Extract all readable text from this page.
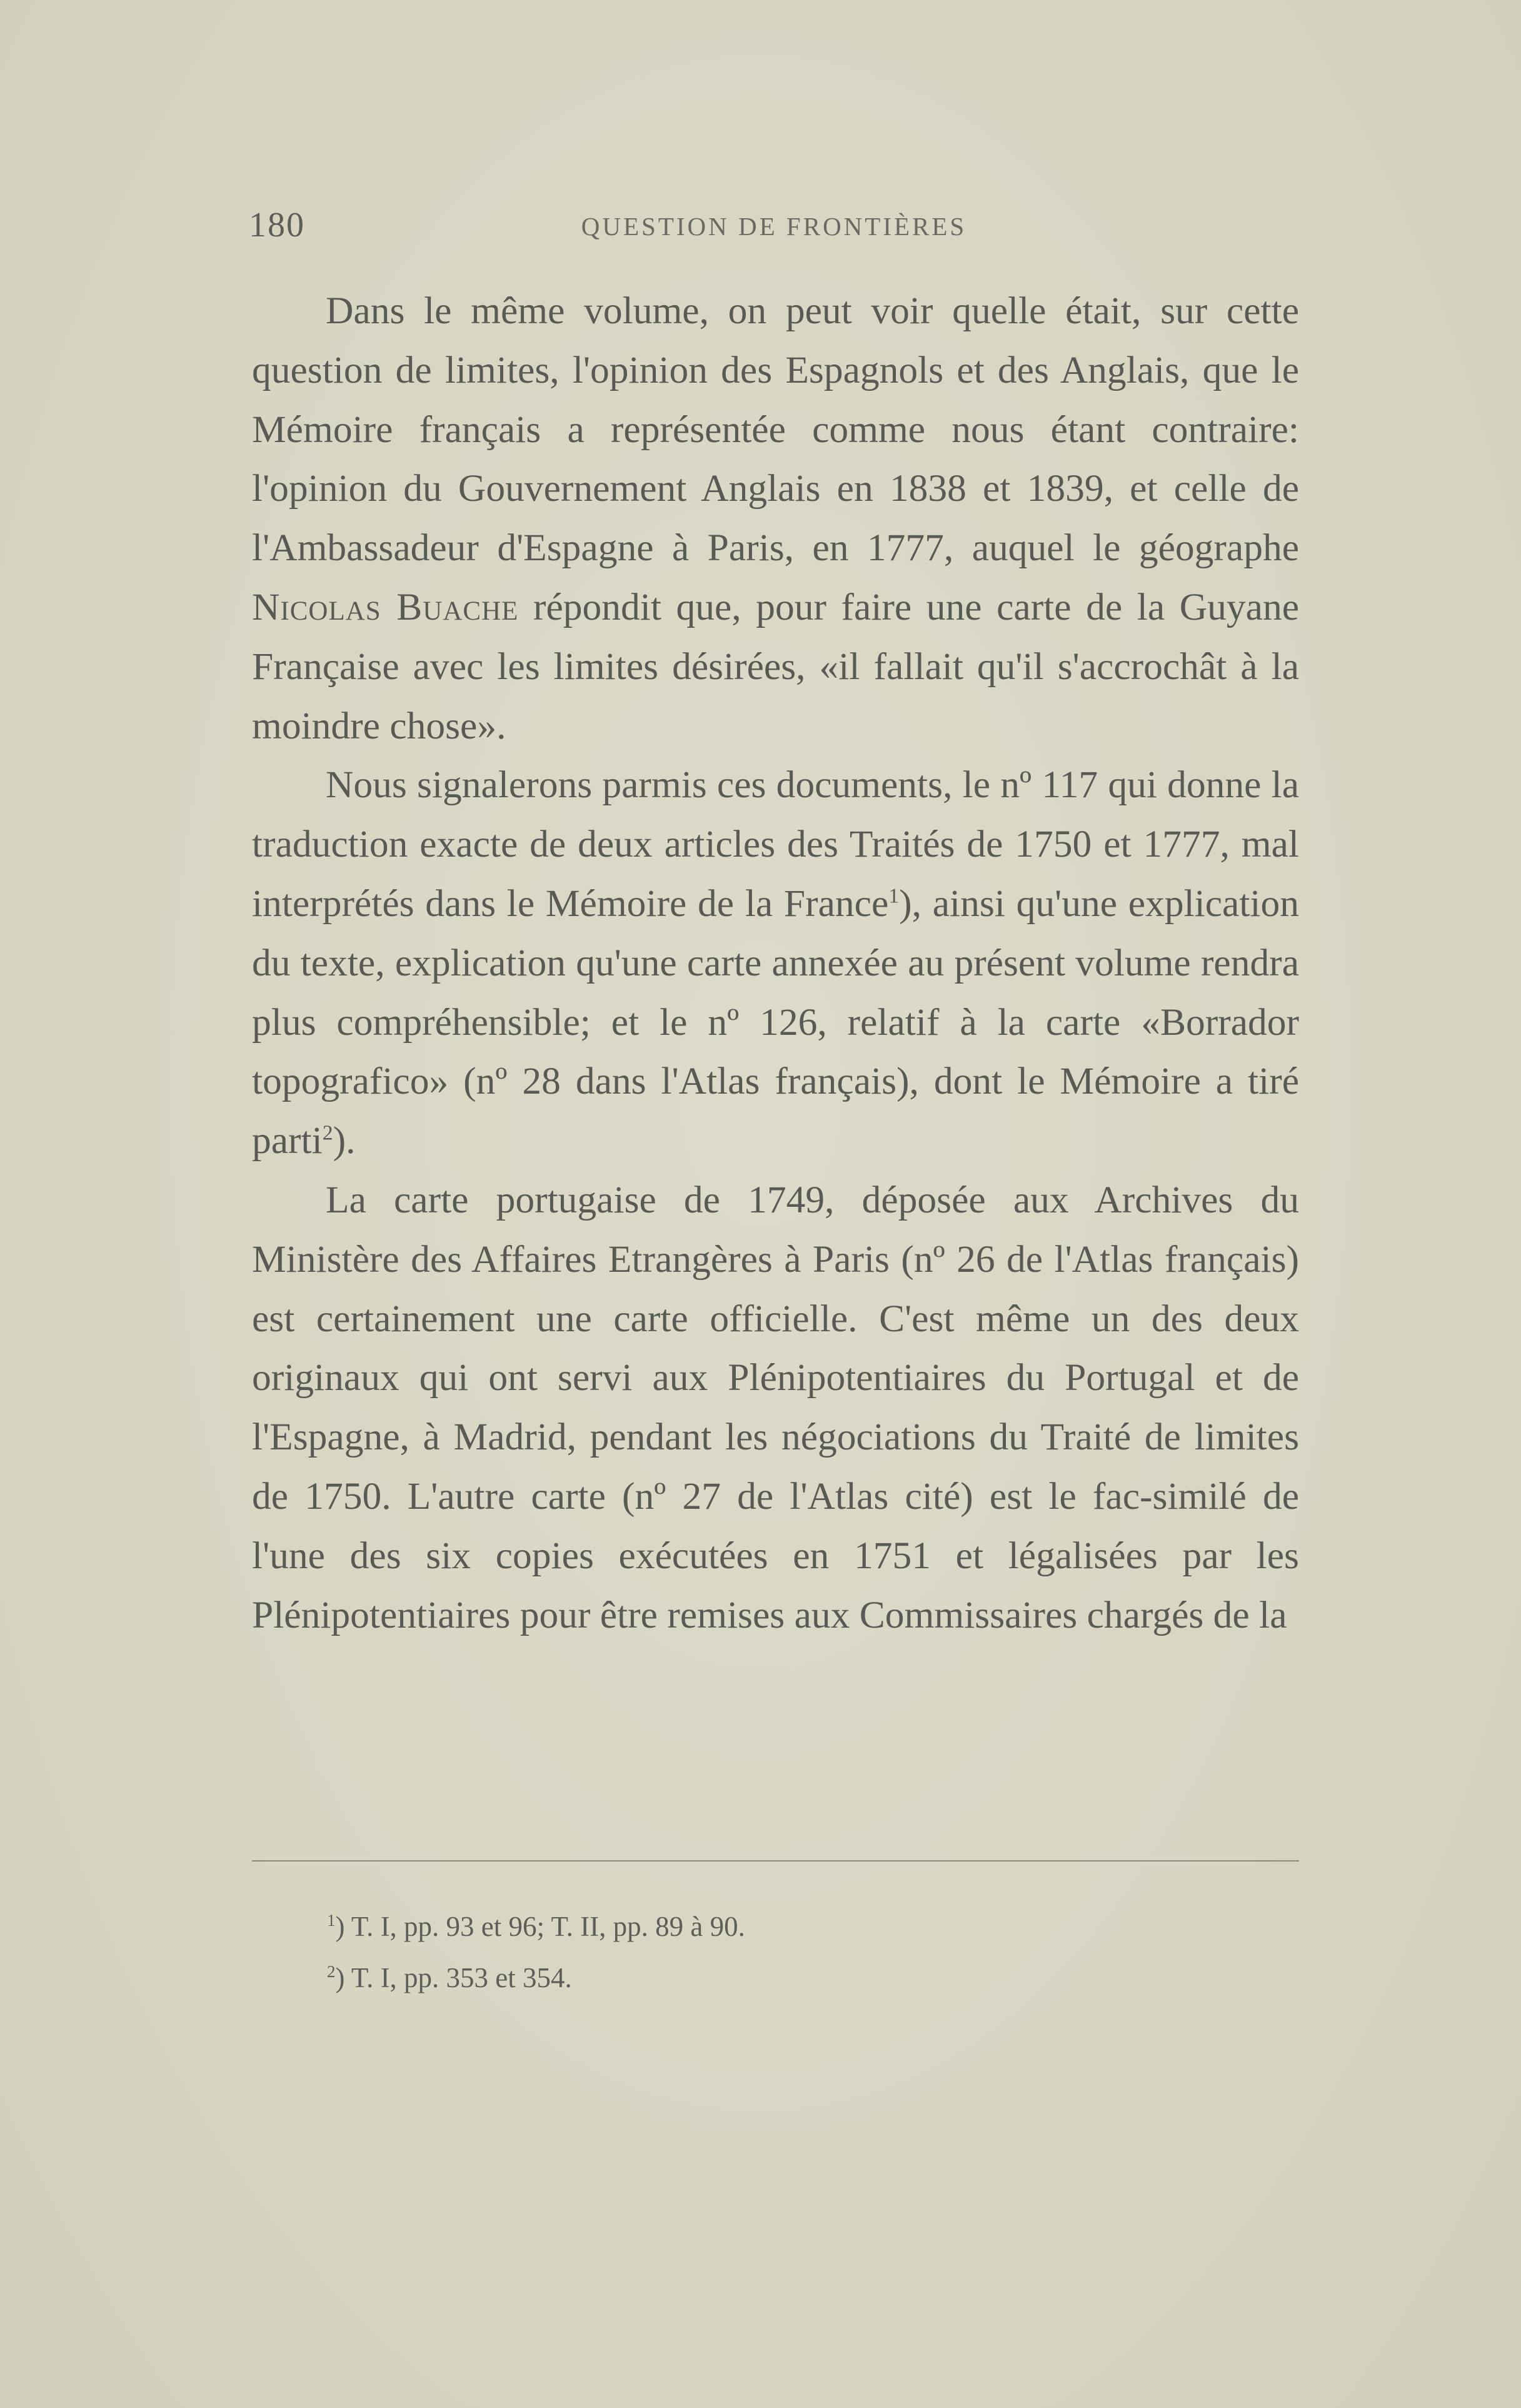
180	QUESTION DE FRONTIÈRES

Dans le même volume, on peut voir quelle était, sur cette question de limites, l'opinion des Espagnols et des Anglais, que le Mémoire français a représentée comme nous étant contraire: l'opinion du Gouvernement Anglais en 1838 et 1839, et celle de l'Ambassadeur d'Espagne à Paris, en 1777, auquel le géographe Nicolas Buache répondit que, pour faire une carte de la Guyane Française avec les limites désirées, «il fallait qu'il s'accrochât à la moindre chose».

Nous signalerons parmis ces documents, le nº 117 qui donne la traduction exacte de deux articles des Traités de 1750 et 1777, mal interprétés dans le Mémoire de la France$^1$), ainsi qu'une explication du texte, explication qu'une carte annexée au présent volume rendra plus compréhensible; et le nº 126, relatif à la carte «Borrador topografico» (nº 28 dans l'Atlas français), dont le Mémoire a tiré parti$^2$).

La carte portugaise de 1749, déposée aux Archives du Ministère des Affaires Etrangères à Paris (nº 26 de l'Atlas français) est certainement une carte officielle. C'est même un des deux originaux qui ont servi aux Plénipotentiaires du Portugal et de l'Espagne, à Madrid, pendant les négociations du Traité de limites de 1750. L'autre carte (nº 27 de l'Atlas cité) est le fac-similé de l'une des six copies exécutées en 1751 et légalisées par les Plénipotentiaires pour être remises aux Commissaires chargés de la

$^1$) T. I, pp. 93 et 96; T. II, pp. 89 à 90.
$^2$) T. I, pp. 353 et 354.
